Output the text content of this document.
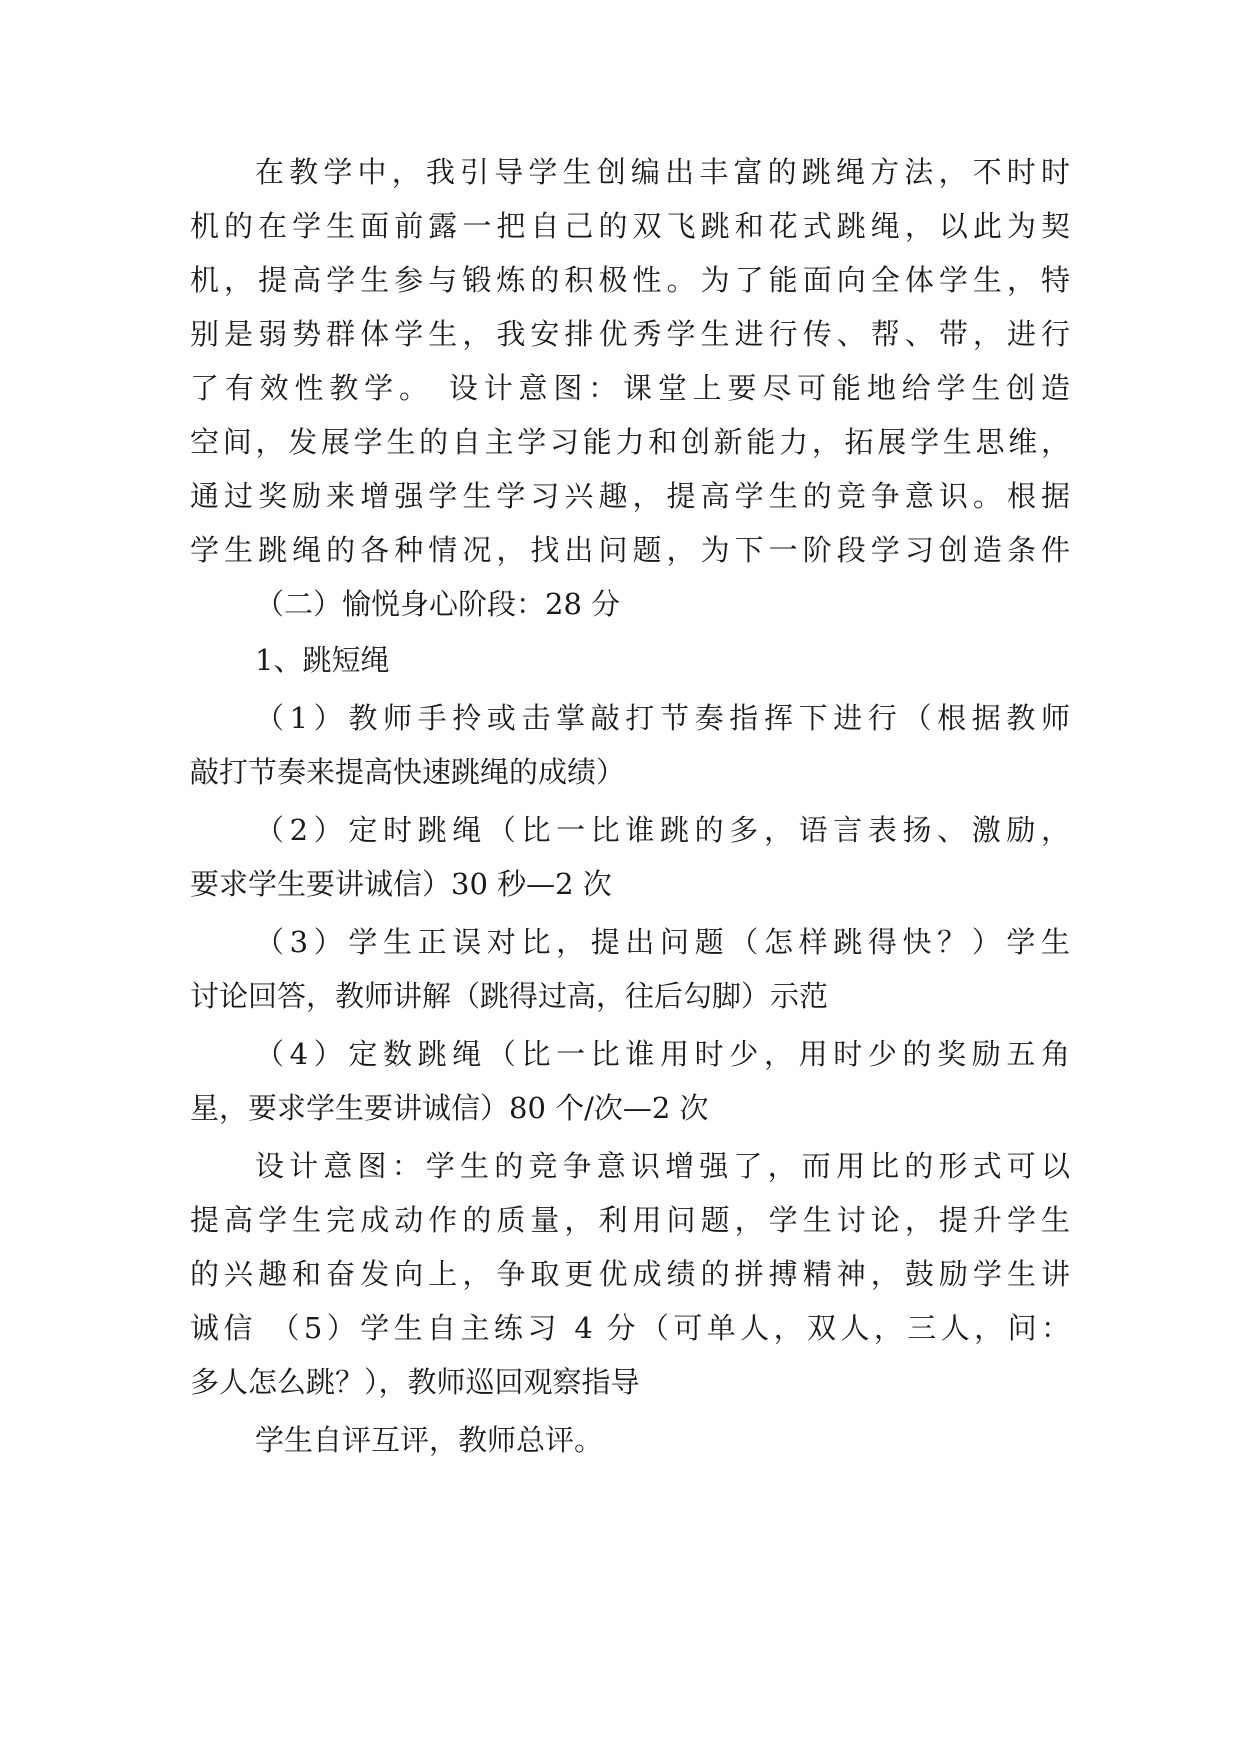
在教学中，我引导学生创编出丰富的跳绳方法，不时时
机的在学生面前露一把自己的双飞跳和花式跳绳，以此为契
机，提高学生参与锻炼的积极性。为了能面向全体学生，特
别是弱势群体学生，我安排优秀学生进行传、帮、带，进行
了有效性教学。 设计意图：课堂上要尽可能地给学生创造
空间，发展学生的自主学习能力和创新能力，拓展学生思维，
通过奖励来增强学生学习兴趣，提高学生的竞争意识。根据
学生跳绳的各种情况，找出问题，为下一阶段学习创造条件
（二）愉悦身心阶段：28 分
1、跳短绳
（1）教师手拎或击掌敲打节奏指挥下进行（根据教师
敲打节奏来提高快速跳绳的成绩）
（2）定时跳绳（比一比谁跳的多，语言表扬、激励，
要求学生要讲诚信）30 秒—2 次
（3）学生正误对比，提出问题（怎样跳得快？）学生
讨论回答，教师讲解（跳得过高，往后勾脚）示范
（4）定数跳绳（比一比谁用时少，用时少的奖励五角
星，要求学生要讲诚信）80 个/次—2 次
设计意图：学生的竞争意识增强了，而用比的形式可以
提高学生完成动作的质量，利用问题，学生讨论，提升学生
的兴趣和奋发向上，争取更优成绩的拼搏精神，鼓励学生讲
诚信 （5）学生自主练习 4 分（可单人，双人，三人，问：
多人怎么跳？），教师巡回观察指导
学生自评互评，教师总评。
